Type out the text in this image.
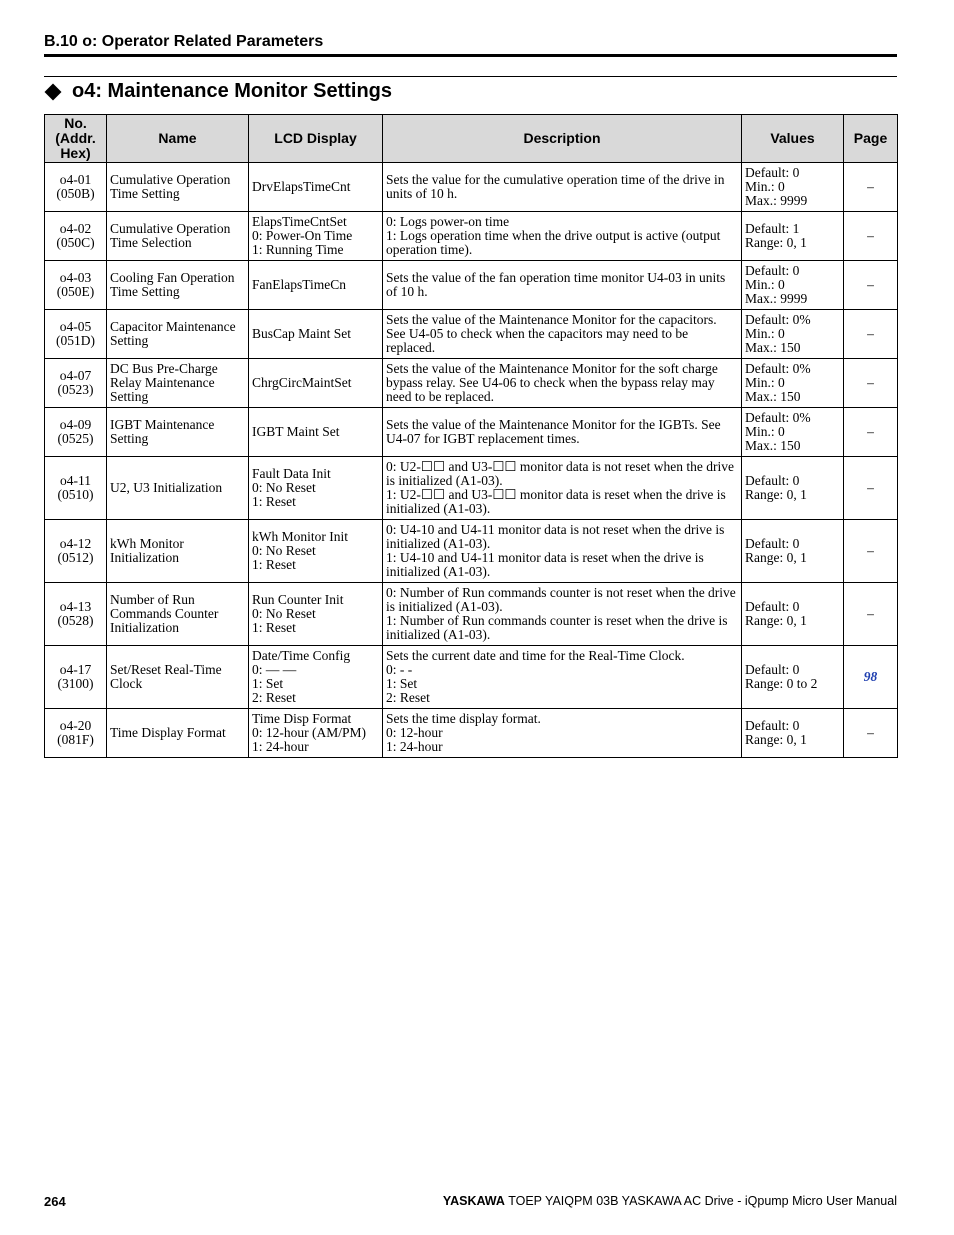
B.10 o: Operator Related Parameters
o4: Maintenance Monitor Settings
No.
(Addr.
Hex)	Name	LCD Display	Description	Values	Page

o4-01
(050B)	Cumulative Operation Time Setting	DrvElapsTimeCnt	Sets the value for the cumulative operation time of the drive in units of 10 h.	Default: 0
Min.: 0
Max.: 9999	–

o4-02
(050C)	Cumulative Operation Time Selection	ElapsTimeCntSet
0: Power-On Time
1: Running Time	0: Logs power-on time
1: Logs operation time when the drive output is active (output operation time).	Default: 1
Range: 0, 1	–

o4-03
(050E)	Cooling Fan Operation Time Setting	FanElapsTimeCn	Sets the value of the fan operation time monitor U4-03 in units of 10 h.	Default: 0
Min.: 0
Max.: 9999	–

o4-05
(051D)	Capacitor Maintenance Setting	BusCap Maint Set	Sets the value of the Maintenance Monitor for the capacitors. See U4-05 to check when the capacitors may need to be replaced.	Default: 0%
Min.: 0
Max.: 150	–

o4-07
(0523)	DC Bus Pre-Charge Relay Maintenance Setting	ChrgCircMaintSet	Sets the value of the Maintenance Monitor for the soft charge bypass relay. See U4-06 to check when the bypass relay may need to be replaced.	Default: 0%
Min.: 0
Max.: 150	–

o4-09
(0525)	IGBT Maintenance Setting	IGBT Maint Set	Sets the value of the Maintenance Monitor for the IGBTs. See U4-07 for IGBT replacement times.	Default: 0%
Min.: 0
Max.: 150	–

o4-11
(0510)	U2, U3 Initialization	Fault Data Init
0: No Reset
1: Reset	0: U2-☐☐ and U3-☐☐ monitor data is not reset when the drive is initialized (A1-03).
1: U2-☐☐ and U3-☐☐ monitor data is reset when the drive is initialized (A1-03).	Default: 0
Range: 0, 1	–

o4-12
(0512)	kWh Monitor Initialization	kWh Monitor Init
0: No Reset
1: Reset	0: U4-10 and U4-11 monitor data is not reset when the drive is initialized (A1-03).
1: U4-10 and U4-11 monitor data is reset when the drive is initialized (A1-03).	Default: 0
Range: 0, 1	–

o4-13
(0528)	Number of Run Commands Counter Initialization	Run Counter Init
0: No Reset
1: Reset	0: Number of Run commands counter is not reset when the drive is initialized (A1-03).
1: Number of Run commands counter is reset when the drive is initialized (A1-03).	Default: 0
Range: 0, 1	–

o4-17
(3100)	Set/Reset Real-Time Clock	Date/Time Config
0: — —
1: Set
2: Reset	Sets the current date and time for the Real-Time Clock.
0: - -
1: Set
2: Reset	Default: 0
Range: 0 to 2	98

o4-20
(081F)	Time Display Format	Time Disp Format
0: 12-hour (AM/PM)
1: 24-hour	Sets the time display format.
0: 12-hour
1: 24-hour	Default: 0
Range: 0, 1	–
264	YASKAWA TOEP YAIQPM 03B YASKAWA AC Drive - iQpump Micro User Manual
